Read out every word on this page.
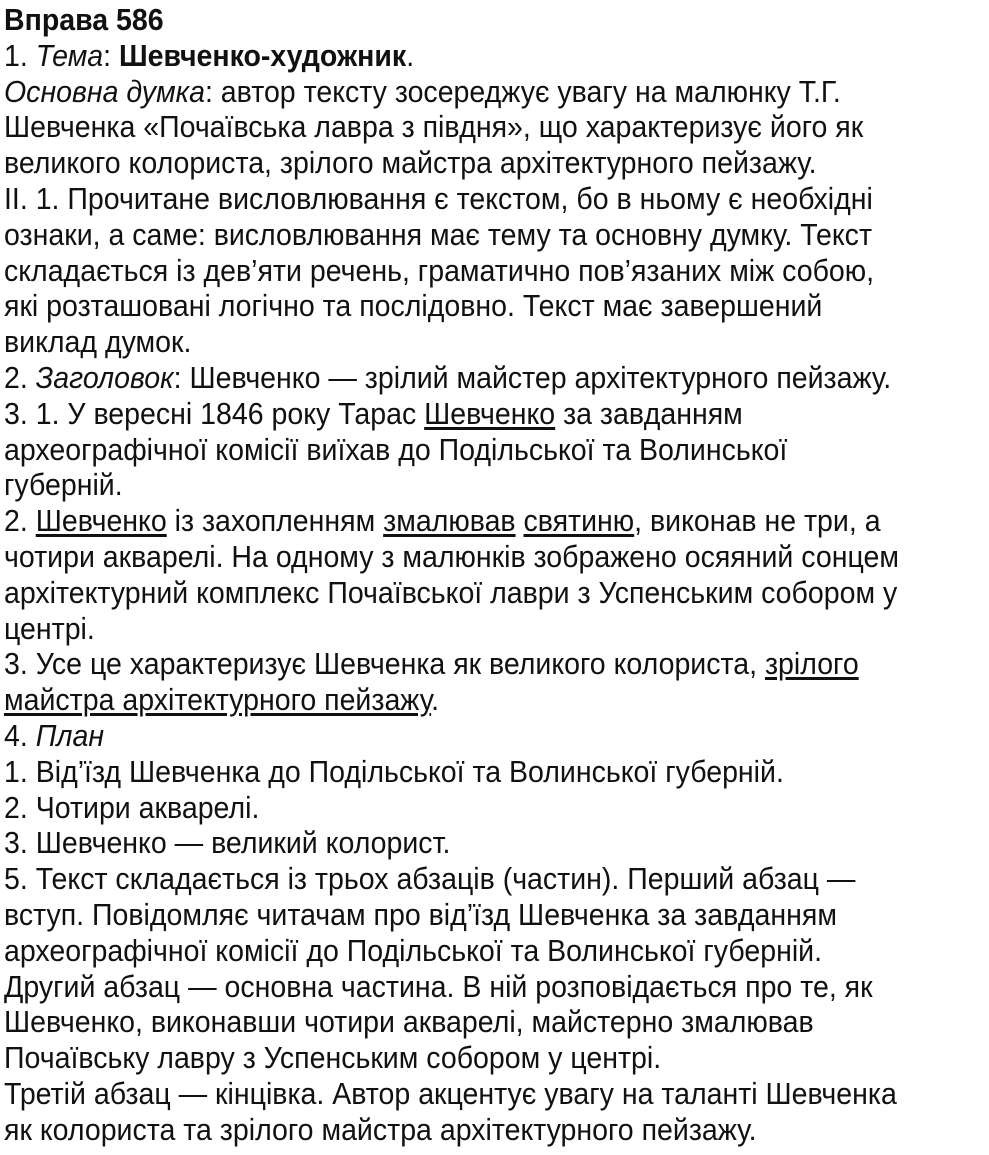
Вправа 586
1. Тема: Шевченко-художник.
Основна думка: автор тексту зосереджує увагу на малюнку Т.Г.
Шевченка «Почаївська лавра з півдня», що характеризує його як
великого колориста, зрілого майстра архітектурного пейзажу.
ІІ. 1. Прочитане висловлювання є текстом, бо в ньому є необхідні
ознаки, а саме: висловлювання має тему та основну думку. Текст
складається із дев’яти речень, граматично пов’язаних між собою,
які розташовані логічно та послідовно. Текст має завершений
виклад думок.
2. Заголовок: Шевченко — зрілий майстер архітектурного пейзажу.
3. 1. У вересні 1846 року Тарас Шевченко за завданням
археографічної комісії виїхав до Подільської та Волинської
губерній.
2. Шевченко із захопленням змалював святиню, виконав не три, а
чотири акварелі. На одному з малюнків зображено осяяний сонцем
архітектурний комплекс Почаївської лаври з Успенським собором у
центрі.
3. Усе це характеризує Шевченка як великого колориста, зрілого
майстра архітектурного пейзажу.
4. План
1. Від’їзд Шевченка до Подільської та Волинської губерній.
2. Чотири акварелі.
3. Шевченко — великий колорист.
5. Текст складається із трьох абзаців (частин). Перший абзац —
вступ. Повідомляє читачам про від’їзд Шевченка за завданням
археографічної комісії до Подільської та Волинської губерній.
Другий абзац — основна частина. В ній розповідається про те, як
Шевченко, виконавши чотири акварелі, майстерно змалював
Почаївську лавру з Успенським собором у центрі.
Третій абзац — кінцівка. Автор акцентує увагу на таланті Шевченка
як колориста та зрілого майстра архітектурного пейзажу.
